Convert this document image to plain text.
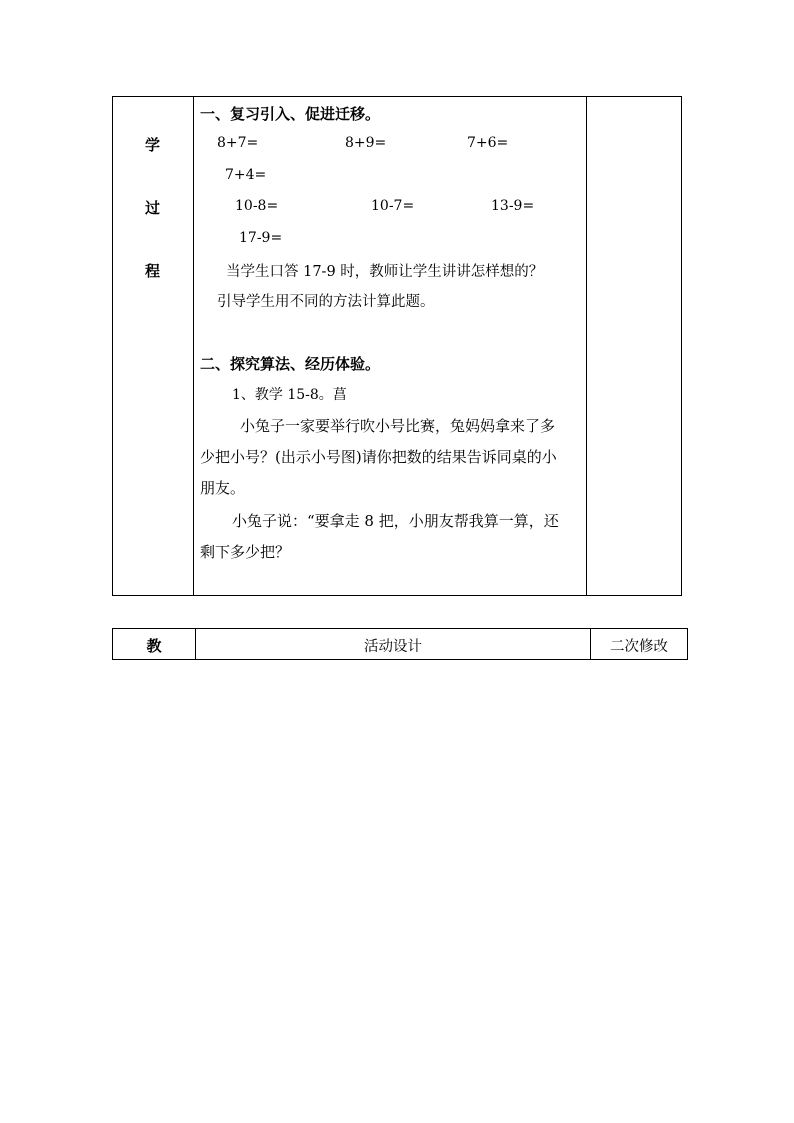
学
过
程
一、复习引入、促进迁移。
8+7=	8+9=	7+6=
7+4=
10-8=	10-7=	13-9=
17-9=
当学生口答 17-9 时，教师让学生讲讲怎样想的？
引导学生用不同的方法计算此题。
二、探究算法、经历体验。
1、教学 15-8。菖
小兔子一家要举行吹小号比赛，兔妈妈拿来了多
少把小号？(出示小号图)请你把数的结果告诉同桌的小
朋友。
小兔子说：“要拿走 8 把，小朋友帮我算一算，还
剩下多少把？
教	活动设计	二次修改
